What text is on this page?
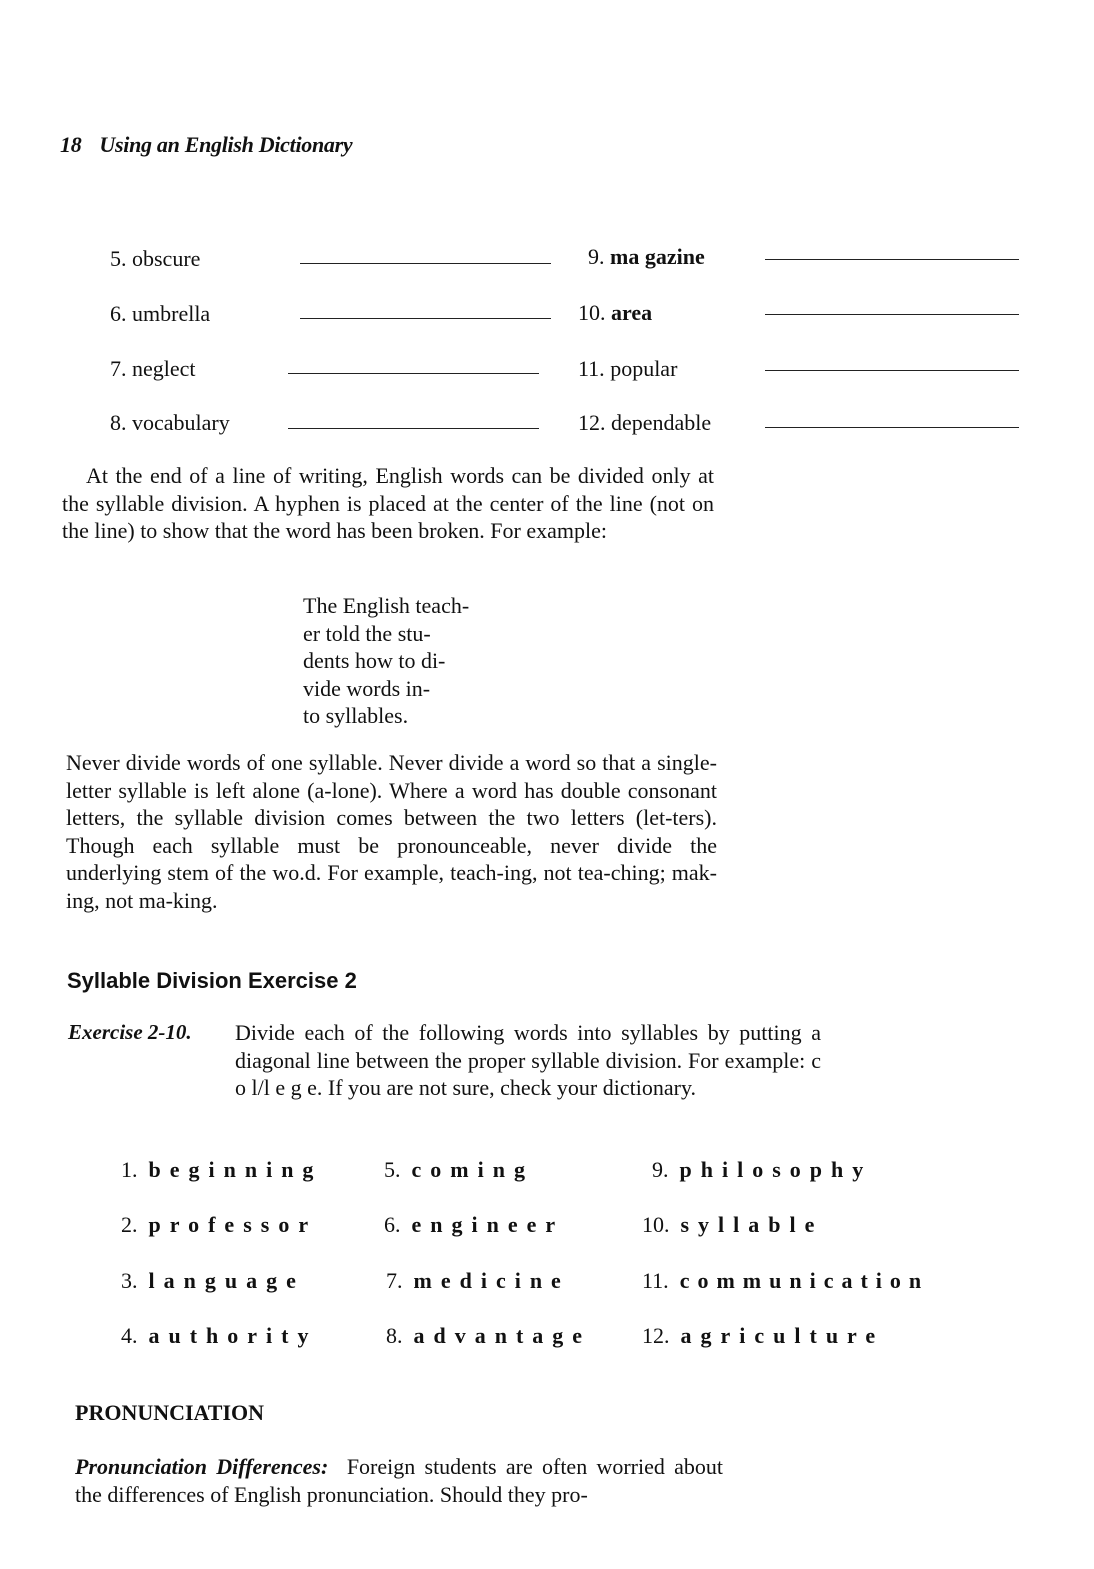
18 Using an English Dictionary
5. obscure
6. umbrella
7. neglect
8. vocabulary
9. ma gazine
10. area
11. popular
12. dependable
At the end of a line of writing, English words can be divided only at the syllable division. A hyphen is placed at the center of the line (not on the line) to show that the word has been broken. For example:
The English teach-
er told the stu-
dents how to di-
vide words in-
to syllables.
Never divide words of one syllable. Never divide a word so that a single-letter syllable is left alone (a-lone). Where a word has double consonant letters, the syllable division comes between the two letters (let-ters). Though each syllable must be pronounceable, never divide the underlying stem of the wo.d. For example, teach-ing, not tea-ching; mak-ing, not ma-king.
Syllable Division Exercise 2
Exercise 2-10. Divide each of the following words into syllables by putting a diagonal line between the proper syllable division. For example: c o l/l e g e. If you are not sure, check your dictionary.
1. beginning
2. professor
3. language
4. authority
5. coming
6. engineer
7. medicine
8. advantage
9. philosophy
10. syllable
11. communication
12. agriculture
PRONUNCIATION
Pronunciation Differences: Foreign students are often worried about the differences of English pronunciation. Should they pro-
